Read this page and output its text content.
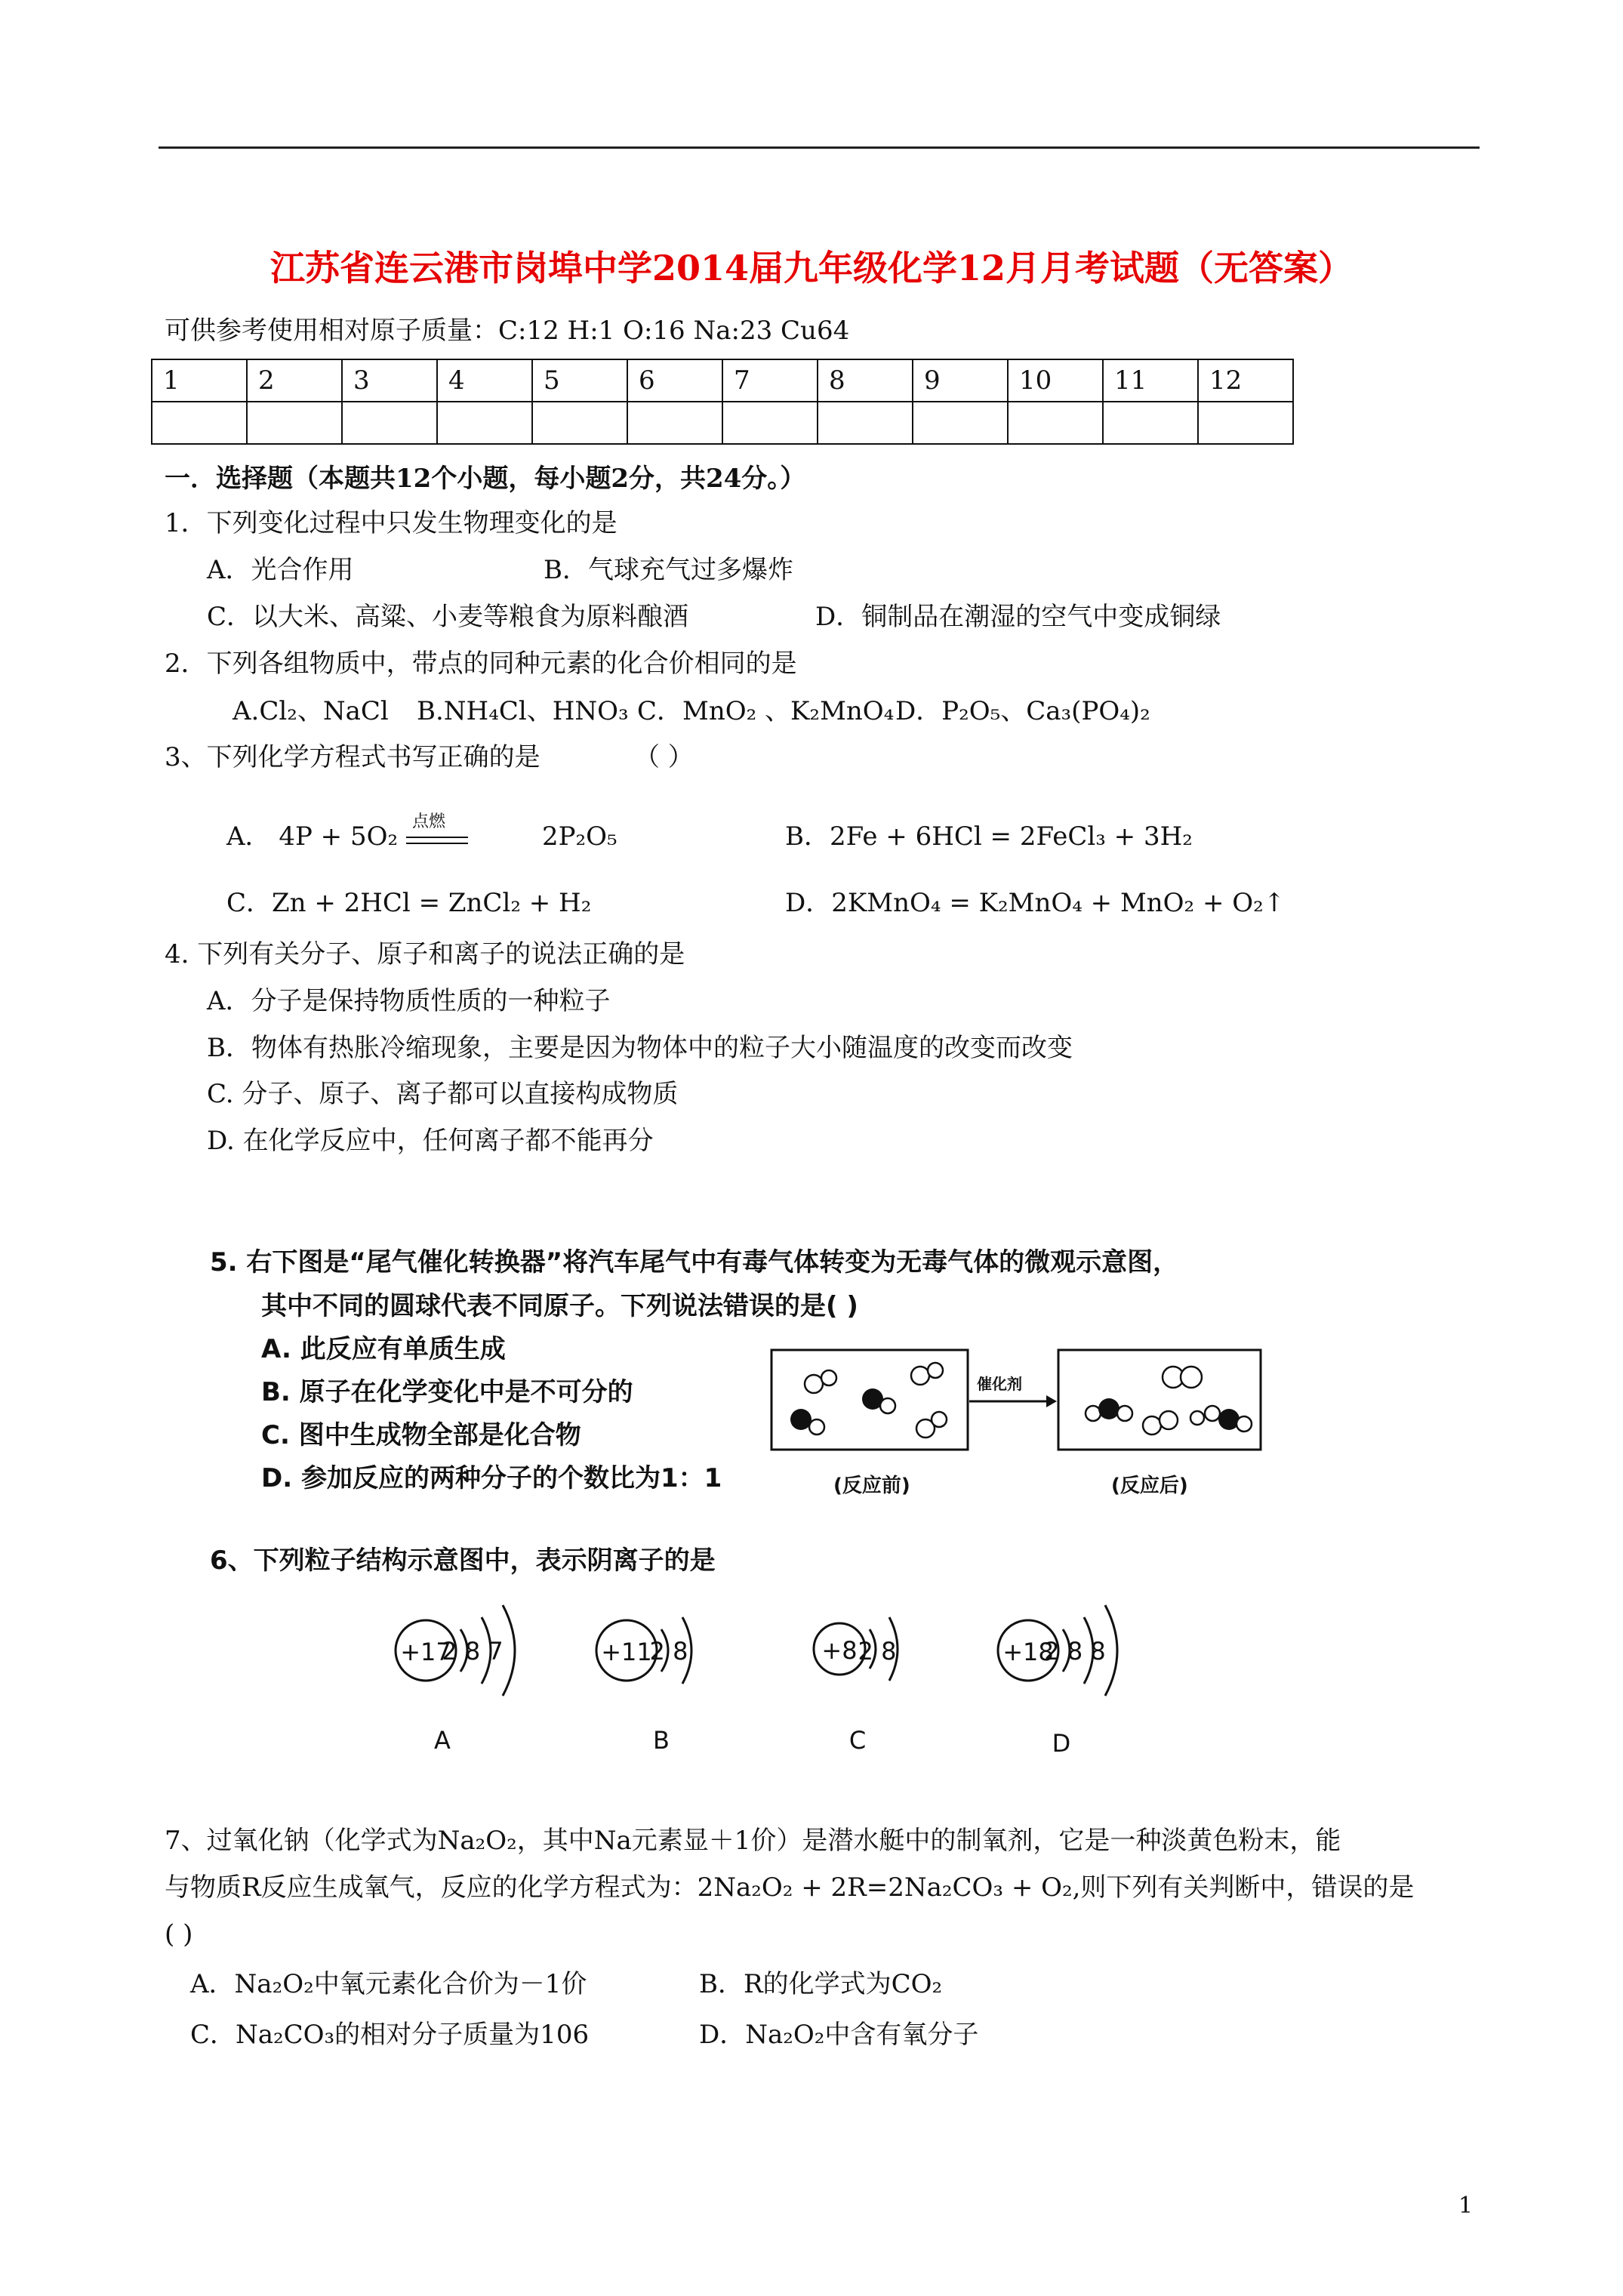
江苏省连云港市岗埠中学2014届九年级化学12月月考试题（无答案）
可供参考使用相对原子质量：C:12 H:1 O:16 Na:23 Cu64
1	2	3	4	5	6	7	8	9	10	11	12

一．选择题（本题共12个小题，每小题2分，共24分。）
1．下列变化过程中只发生物理变化的是
A．光合作用	B．气球充气过多爆炸
C．以大米、高粱、小麦等粮食为原料酿酒	D．铜制品在潮湿的空气中变成铜绿
2．下列各组物质中，带点的同种元素的化合价相同的是
A.Cl₂、NaCl B.NH₄Cl、HNO₃ C．MnO₂ 、K₂MnO₄ D．P₂O₅、Ca₃(PO₄)₂
3、下列化学方程式书写正确的是	（ ）
A． 4P + 5O₂ 点燃	2P₂O₅	B．2Fe + 6HCl = 2FeCl₃ + 3H₂
C．Zn + 2HCl = ZnCl₂ + H₂	D．2KMnO₄ = K₂MnO₄ + MnO₂ + O₂↑
4. 下列有关分子、原子和离子的说法正确的是
A．分子是保持物质性质的一种粒子
B．物体有热胀冷缩现象，主要是因为物体中的粒子大小随温度的改变而改变
C. 分子、原子、离子都可以直接构成物质
D. 在化学反应中，任何离子都不能再分
5. 右下图是“尾气催化转换器”将汽车尾气中有毒气体转变为无毒气体的微观示意图，
其中不同的圆球代表不同原子。下列说法错误的是( )
A. 此反应有单质生成
B. 原子在化学变化中是不可分的
C. 图中生成物全部是化合物
D. 参加反应的两种分子的个数比为1：1
催化剂
(反应前)	(反应后)
6、下列粒子结构示意图中，表示阴离子的是
+17
2 8 7
A
+11
2 8
B
+8 2 8
C
+18
2 8 8
D
7、过氧化钠（化学式为Na₂O₂，其中Na元素显＋1价）是潜水艇中的制氧剂，它是一种淡黄色粉末，能
与物质R反应生成氧气，反应的化学方程式为：2Na₂O₂ + 2R=2Na₂CO₃ + O₂,则下列有关判断中，错误的是
( )
A．Na₂O₂中氧元素化合价为－1价	B．R的化学式为CO₂
C．Na₂CO₃的相对分子质量为106	D．Na₂O₂中含有氧分子
1
